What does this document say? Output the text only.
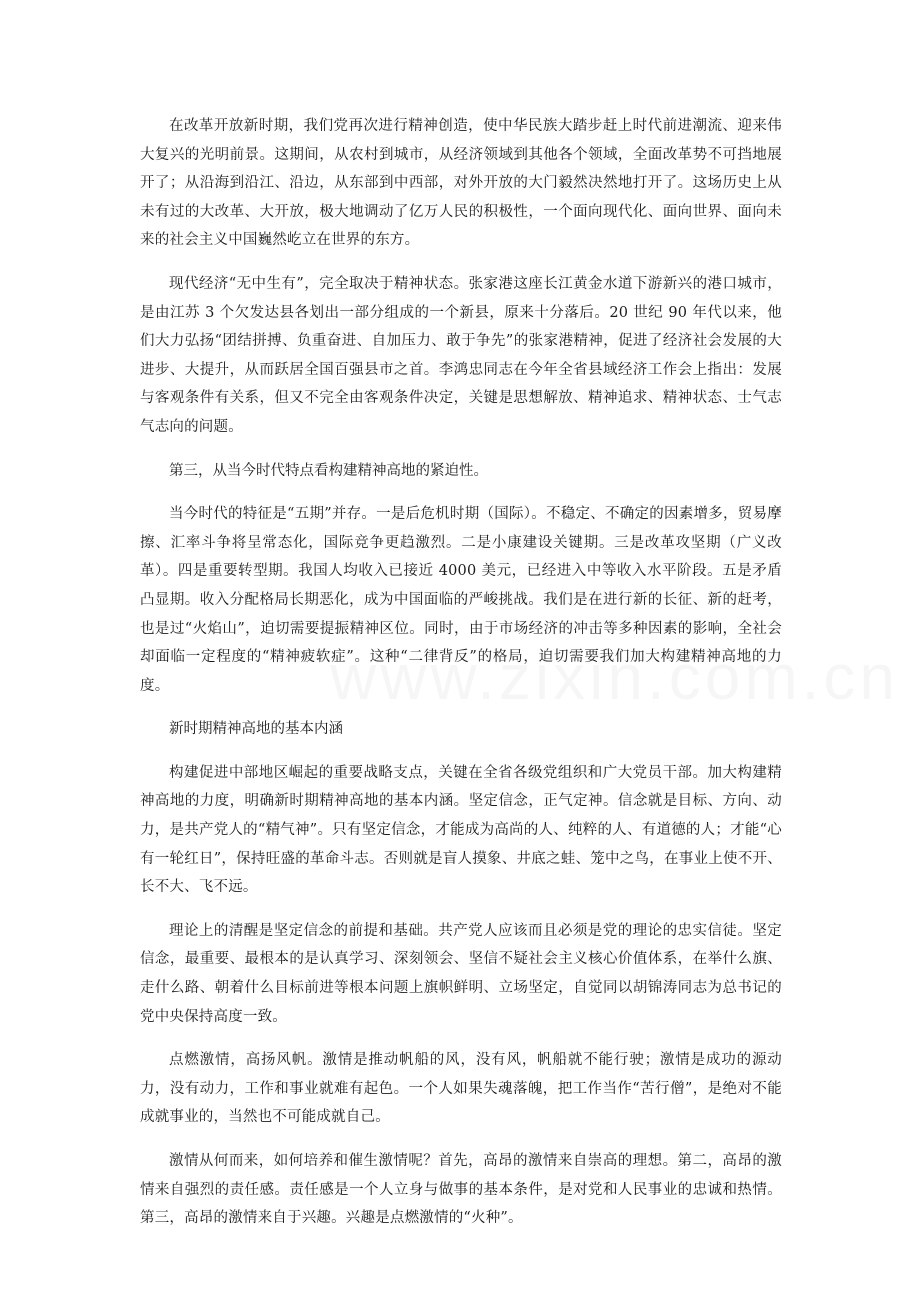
在改革开放新时期，我们党再次进行精神创造，使中华民族大踏步赶上时代前进潮流、迎来伟大复兴的光明前景。这期间，从农村到城市，从经济领域到其他各个领域，全面改革势不可挡地展开了；从沿海到沿江、沿边，从东部到中西部，对外开放的大门毅然决然地打开了。这场历史上从未有过的大改革、大开放，极大地调动了亿万人民的积极性，一个面向现代化、面向世界、面向未来的社会主义中国巍然屹立在世界的东方。

现代经济“无中生有”，完全取决于精神状态。张家港这座长江黄金水道下游新兴的港口城市，是由江苏 3 个欠发达县各划出一部分组成的一个新县，原来十分落后。20 世纪 90 年代以来，他们大力弘扬“团结拼搏、负重奋进、自加压力、敢于争先”的张家港精神，促进了经济社会发展的大进步、大提升，从而跃居全国百强县市之首。李鸿忠同志在今年全省县域经济工作会上指出：发展与客观条件有关系，但又不完全由客观条件决定，关键是思想解放、精神追求、精神状态、士气志气志向的问题。

第三，从当今时代特点看构建精神高地的紧迫性。

当今时代的特征是“五期”并存。一是后危机时期（国际）。不稳定、不确定的因素增多，贸易摩擦、汇率斗争将呈常态化，国际竞争更趋激烈。二是小康建设关键期。三是改革攻坚期（广义改革）。四是重要转型期。我国人均收入已接近 4000 美元，已经进入中等收入水平阶段。五是矛盾凸显期。收入分配格局长期恶化，成为中国面临的严峻挑战。我们是在进行新的长征、新的赶考，也是过“火焰山”，迫切需要提振精神区位。同时，由于市场经济的冲击等多种因素的影响，全社会却面临一定程度的“精神疲软症”。这种“二律背反”的格局，迫切需要我们加大构建精神高地的力度。

新时期精神高地的基本内涵

构建促进中部地区崛起的重要战略支点，关键在全省各级党组织和广大党员干部。加大构建精神高地的力度，明确新时期精神高地的基本内涵。坚定信念，正气定神。信念就是目标、方向、动力，是共产党人的“精气神”。只有坚定信念，才能成为高尚的人、纯粹的人、有道德的人；才能“心有一轮红日”，保持旺盛的革命斗志。否则就是盲人摸象、井底之蛙、笼中之鸟，在事业上使不开、长不大、飞不远。

理论上的清醒是坚定信念的前提和基础。共产党人应该而且必须是党的理论的忠实信徒。坚定信念，最重要、最根本的是认真学习、深刻领会、坚信不疑社会主义核心价值体系，在举什么旗、走什么路、朝着什么目标前进等根本问题上旗帜鲜明、立场坚定，自觉同以胡锦涛同志为总书记的党中央保持高度一致。

点燃激情，高扬风帆。激情是推动帆船的风，没有风，帆船就不能行驶；激情是成功的源动力，没有动力，工作和事业就难有起色。一个人如果失魂落魄，把工作当作“苦行僧”，是绝对不能成就事业的，当然也不可能成就自己。

激情从何而来，如何培养和催生激情呢？首先，高昂的激情来自崇高的理想。第二，高昂的激情来自强烈的责任感。责任感是一个人立身与做事的基本条件，是对党和人民事业的忠诚和热情。第三，高昂的激情来自于兴趣。兴趣是点燃激情的“火种”。
